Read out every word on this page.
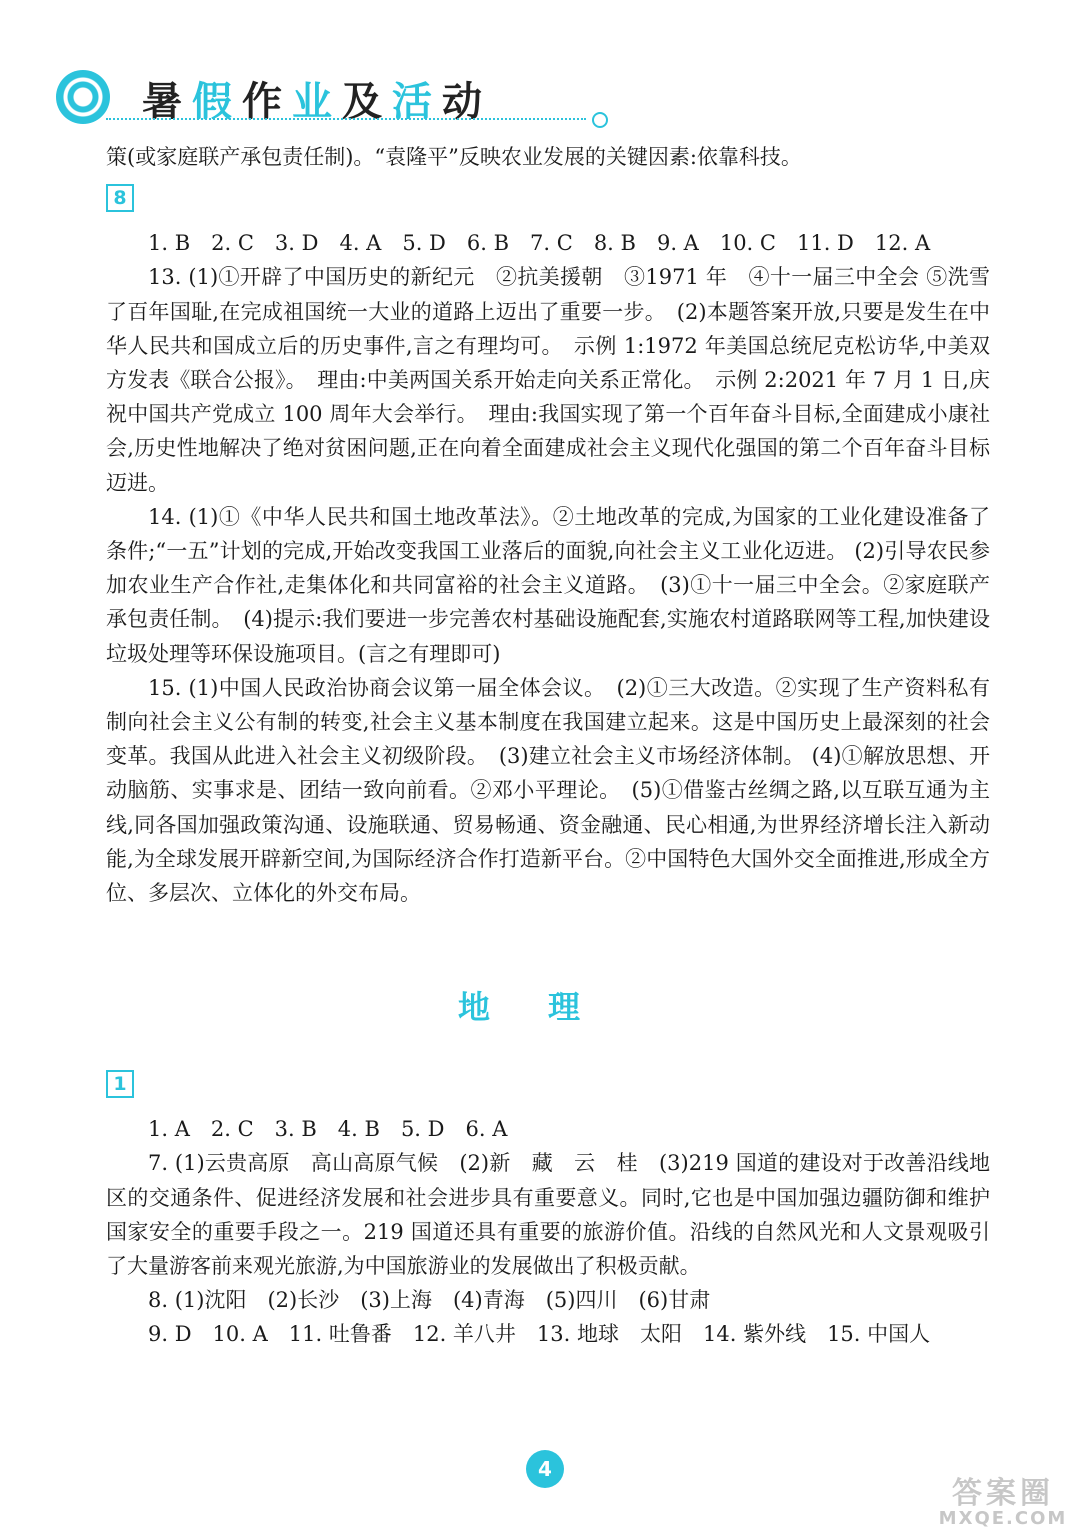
暑假作业及活动

策(或家庭联产承包责任制)。“袁隆平”反映农业发展的关键因素:依靠科技。

8

1. B　2. C　3. D　4. A　5. D　6. B　7. C　8. B　9. A　10. C　11. D　12. A

13. (1)①开辟了中国历史的新纪元　②抗美援朝　③1971 年　④十一届三中全会 ⑤洗雪了百年国耻,在完成祖国统一大业的道路上迈出了重要一步。　(2)本题答案开放,只要是发生在中华人民共和国成立后的历史事件,言之有理均可。　示例 1:1972 年美国总统尼克松访华,中美双方发表《联合公报》。　理由:中美两国关系开始走向关系正常化。　示例 2:2021 年 7 月 1 日,庆祝中国共产党成立 100 周年大会举行。　理由:我国实现了第一个百年奋斗目标,全面建成小康社会,历史性地解决了绝对贫困问题,正在向着全面建成社会主义现代化强国的第二个百年奋斗目标迈进。

14. (1)①《中华人民共和国土地改革法》。②土地改革的完成,为国家的工业化建设准备了条件;“一五”计划的完成,开始改变我国工业落后的面貌,向社会主义工业化迈进。 (2)引导农民参加农业生产合作社,走集体化和共同富裕的社会主义道路。　(3)①十一届三中全会。②家庭联产承包责任制。　(4)提示:我们要进一步完善农村基础设施配套,实施农村道路联网等工程,加快建设垃圾处理等环保设施项目。(言之有理即可)

15. (1)中国人民政治协商会议第一届全体会议。　(2)①三大改造。②实现了生产资料私有制向社会主义公有制的转变,社会主义基本制度在我国建立起来。这是中国历史上最深刻的社会变革。我国从此进入社会主义初级阶段。　(3)建立社会主义市场经济体制。 (4)①解放思想、开动脑筋、实事求是、团结一致向前看。②邓小平理论。　(5)①借鉴古丝绸之路,以互联互通为主线,同各国加强政策沟通、设施联通、贸易畅通、资金融通、民心相通,为世界经济增长注入新动能,为全球发展开辟新空间,为国际经济合作打造新平台。②中国特色大国外交全面推进,形成全方位、多层次、立体化的外交布局。

地理

1

1. A　2. C　3. B　4. B　5. D　6. A

7. (1)云贵高原　高山高原气候　(2)新　藏　云　桂　(3)219 国道的建设对于改善沿线地区的交通条件、促进经济发展和社会进步具有重要意义。同时,它也是中国加强边疆防御和维护国家安全的重要手段之一。219 国道还具有重要的旅游价值。沿线的自然风光和人文景观吸引了大量游客前来观光旅游,为中国旅游业的发展做出了积极贡献。

8. (1)沈阳　(2)长沙　(3)上海　(4)青海　(5)四川　(6)甘肃

9. D　10. A　11. 吐鲁番　12. 羊八井　13. 地球　太阳　14. 紫外线　15. 中国人

4
答案圈
MXQE.COM
